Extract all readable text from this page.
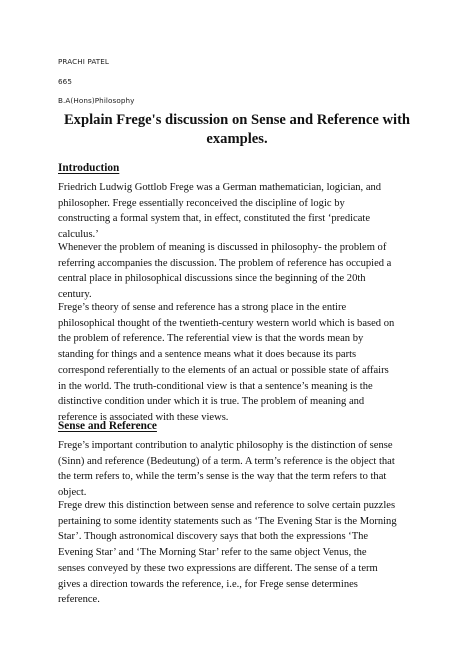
PRACHI PATEL
665
B.A(Hons)Philosophy
Explain Frege's discussion on Sense and Reference with
examples.
Introduction
Friedrich Ludwig Gottlob Frege was a German mathematician, logician, and
philosopher. Frege essentially reconceived the discipline of logic by
constructing a formal system that, in effect, constituted the first ‘predicate
calculus.’
Whenever the problem of meaning is discussed in philosophy- the problem of
referring accompanies the discussion. The problem of reference has occupied a
central place in philosophical discussions since the beginning of the 20th
century.
Frege’s theory of sense and reference has a strong place in the entire
philosophical thought of the twentieth-century western world which is based on
the problem of reference. The referential view is that the words mean by
standing for things and a sentence means what it does because its parts
correspond referentially to the elements of an actual or possible state of affairs
in the world. The truth-conditional view is that a sentence’s meaning is the
distinctive condition under which it is true. The problem of meaning and
reference is associated with these views.
Sense and Reference
Frege’s important contribution to analytic philosophy is the distinction of sense
(Sinn) and reference (Bedeutung) of a term. A term’s reference is the object that
the term refers to, while the term’s sense is the way that the term refers to that
object.
Frege drew this distinction between sense and reference to solve certain puzzles
pertaining to some identity statements such as ‘The Evening Star is the Morning
Star’. Though astronomical discovery says that both the expressions ‘The
Evening Star’ and ‘The Morning Star’ refer to the same object Venus, the
senses conveyed by these two expressions are different. The sense of a term
gives a direction towards the reference, i.e., for Frege sense determines
reference.
